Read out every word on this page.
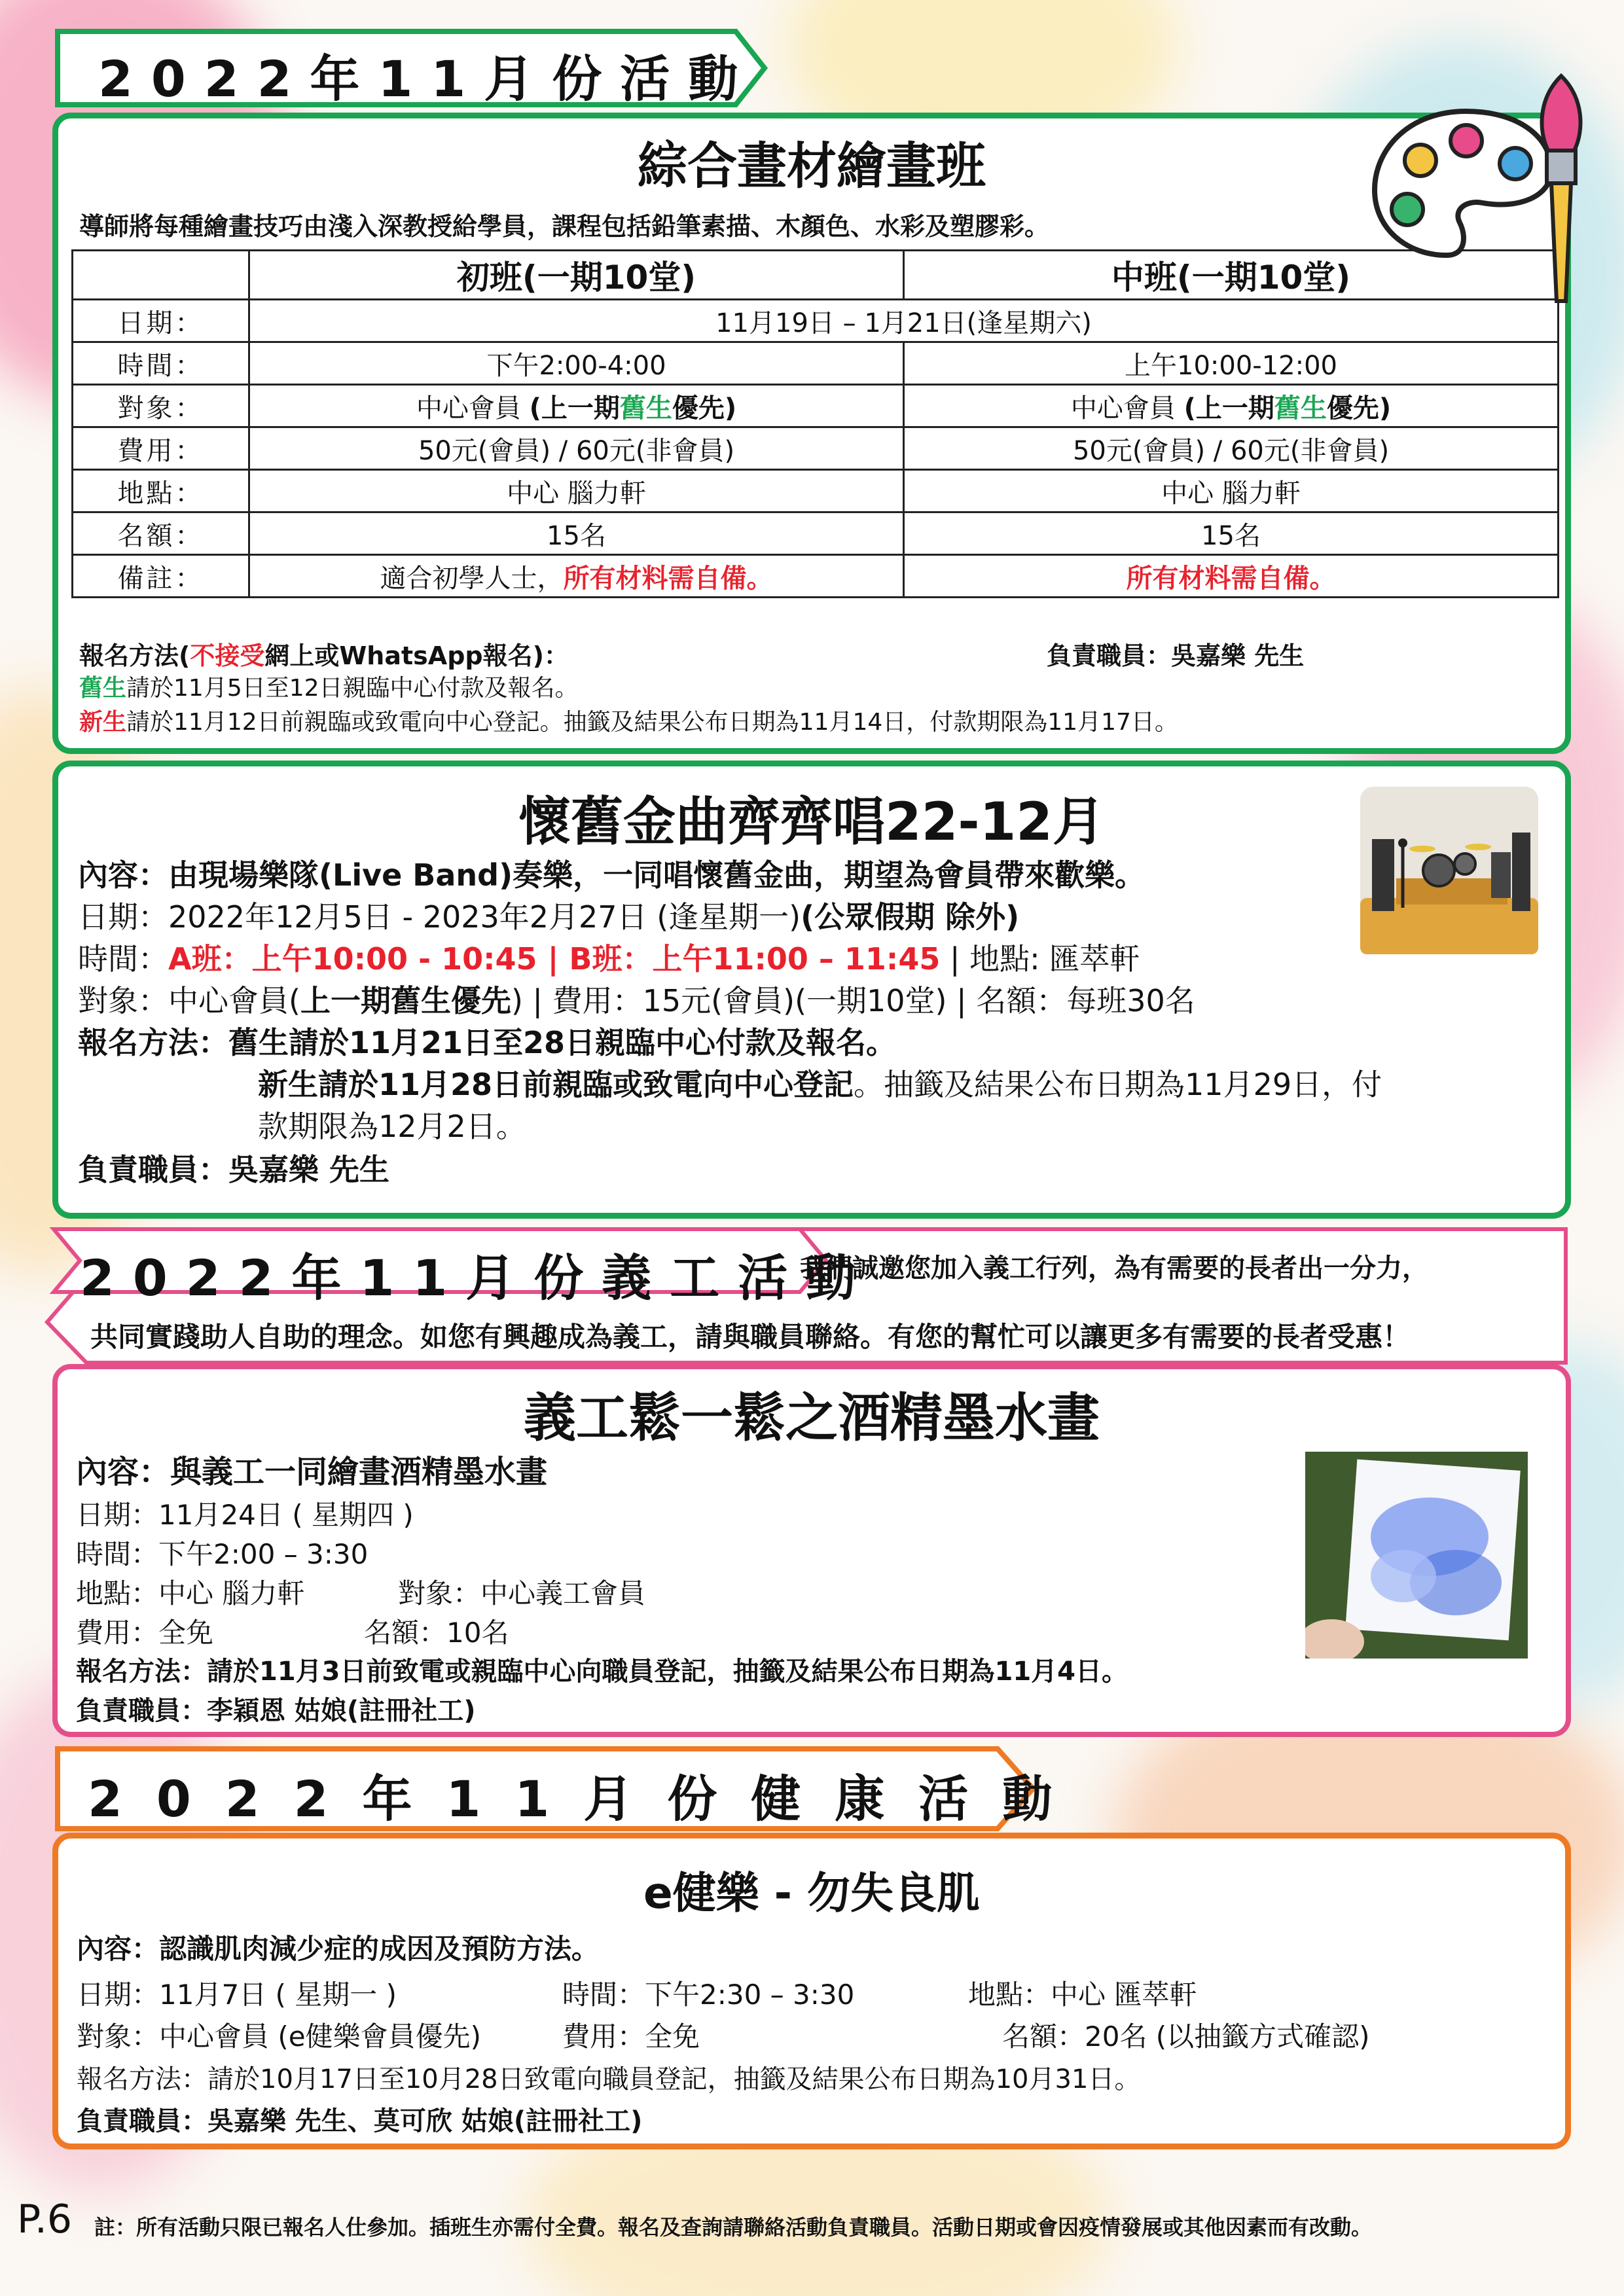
2022年11月份活動
綜合畫材繪畫班
導師將每種繪畫技巧由淺入深教授給學員，課程包括鉛筆素描、木顏色、水彩及塑膠彩。
	初班(一期10堂)	中班(一期10堂)
日期：	11月19日 – 1月21日(逢星期六)	
時間：	下午2:00-4:00	上午10:00-12:00
對象：	中心會員 (上一期舊生優先)	中心會員 (上一期舊生優先)
費用：	50元(會員) / 60元(非會員)	50元(會員) / 60元(非會員)
地點：	中心 腦力軒	中心 腦力軒
名額：	15名	15名
備註：	適合初學人士，所有材料需自備。	所有材料需自備。
報名方法(不接受網上或WhatsApp報名)：	負責職員：吳嘉樂 先生
舊生請於11月5日至12日親臨中心付款及報名。
新生請於11月12日前親臨或致電向中心登記。抽籤及結果公布日期為11月14日，付款期限為11月17日。
懷舊金曲齊齊唱22-12月
內容：由現場樂隊(Live Band)奏樂，一同唱懷舊金曲，期望為會員帶來歡樂。
日期：2022年12月5日 - 2023年2月27日 (逢星期一)(公眾假期 除外)
時間：A班：上午10:00 - 10:45 | B班：上午11:00 – 11:45 | 地點: 匯萃軒
對象：中心會員(上一期舊生優先) | 費用：15元(會員)(一期10堂) | 名額：每班30名
報名方法：舊生請於11月21日至28日親臨中心付款及報名。
新生請於11月28日前親臨或致電向中心登記。抽籤及結果公布日期為11月29日，付
款期限為12月2日。
負責職員：吳嘉樂 先生
2022年11月份義工活動
我們誠邀您加入義工行列，為有需要的長者出一分力，
共同實踐助人自助的理念。如您有興趣成為義工，請與職員聯絡。有您的幫忙可以讓更多有需要的長者受惠！
義工鬆一鬆之酒精墨水畫
內容：與義工一同繪畫酒精墨水畫
日期：11月24日 ( 星期四 )
時間：下午2:00 – 3:30
地點：中心 腦力軒	對象：中心義工會員
費用：全免	名額：10名
報名方法：請於11月3日前致電或親臨中心向職員登記，抽籤及結果公布日期為11月4日。
負責職員：李穎恩 姑娘(註冊社工)
2022年11月份健康活動
e健樂 - 勿失良肌
內容：認識肌肉減少症的成因及預防方法。
日期：11月7日 ( 星期一 )	時間：下午2:30 – 3:30	地點：中心 匯萃軒
對象：中心會員 (e健樂會員優先)	費用：全免	名額：20名 (以抽籤方式確認)
報名方法：請於10月17日至10月28日致電向職員登記，抽籤及結果公布日期為10月31日。
負責職員：吳嘉樂 先生、莫可欣 姑娘(註冊社工)
P.6 註：所有活動只限已報名人仕參加。插班生亦需付全費。報名及查詢請聯絡活動負責職員。活動日期或會因疫情發展或其他因素而有改動。
